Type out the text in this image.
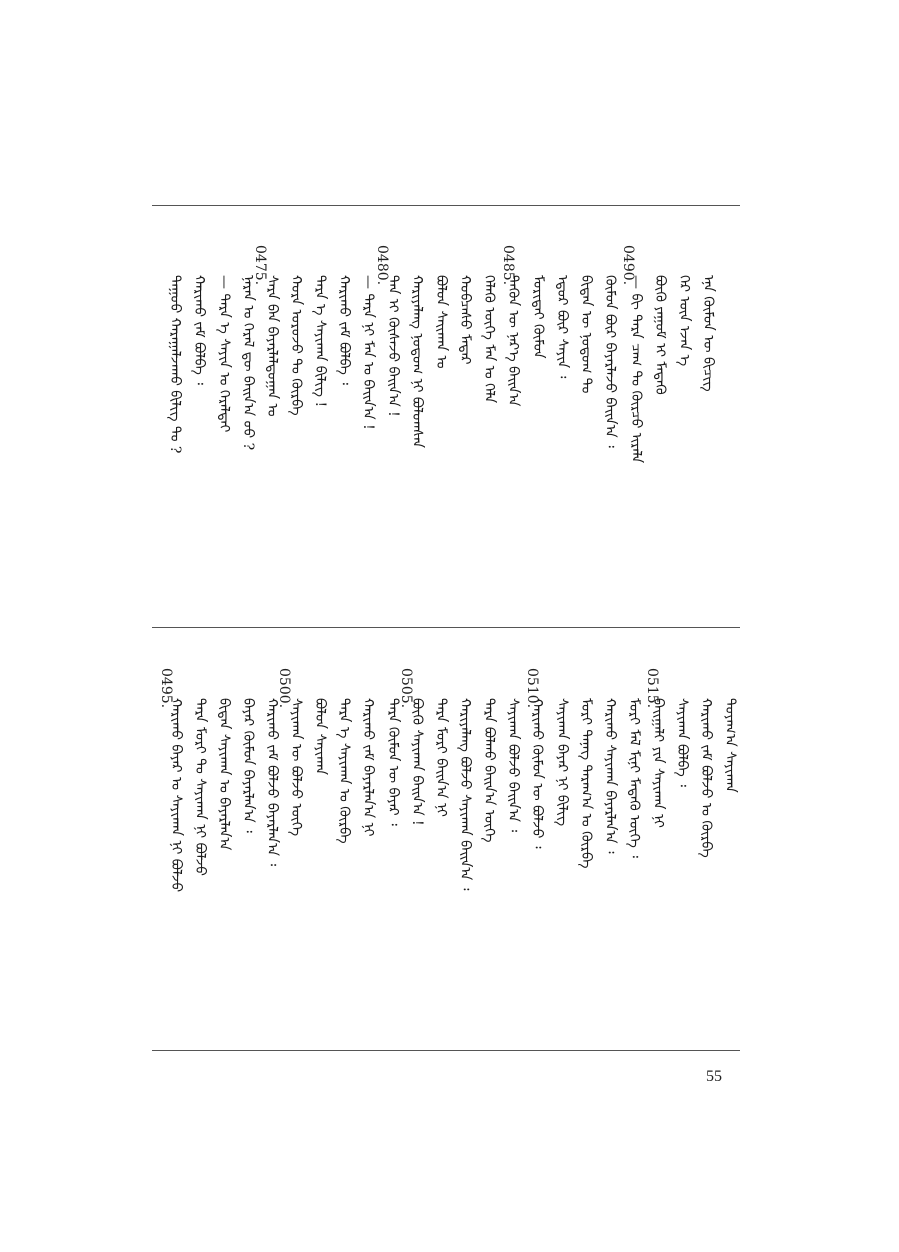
0490.
0485.
0480.
0475.
ᠡᠨᠡ ᠬᠦᠮᠦᠨ ᠦ ᠪᠢᠴᠢᠭ᠌
ᠭᠡᠷ ᠦᠨ ᠡᠵᠡᠨ ᠡ
ᠪᠦᠬᠦ ᠶᠠᠭᠤᠮ ᠢ ᠮᠡᠳᠡᠬᠦ
— ᠪᠢ ᠲᠡᠷᠡ ᠴᠠᠭ ᠲᠤ ᠬᠦᠷᠴᠦ ᠢᠷᠡᠯᠡ
ᠬᠦᠮᠦᠨ ᠪᠦᠷ ᠪᠠᠶᠠᠷᠯᠠᠵᠤ ᠪᠠᠢᠨ᠎ᠠ ᠄
ᠪᠢᠳᠡᠨ ᠦ ᠨᠤᠲᠤᠭ ᠲᠤ
ᠡᠳᠦᠷ ᠪᠦᠷ ᠰᠠᠶᠢᠨ ᠄
ᠮᠣᠷᠢᠲᠠᠢ ᠬᠦᠮᠦᠨ
ᠲᠡᠭᠦᠨ ᠦ ᠨᠡᠷ᠎ᠡ ᠪᠠᠢᠨ᠎ᠠ
ᠬᠡᠯᠡᠬᠦ ᠦᠭᠡ ᠮᠠᠨ ᠤ ᠬᠡᠯᠡ
ᠬᠤᠪᠴᠠᠰᠤ ᠮᠠᠲᠠᠷ
ᠪᠣᠯᠤᠨ ᠰᠠᠢᠬᠠᠨ ᠤ
ᠬᠠᠷᠢᠶᠠᠯᠠᠩ ᠨᠤᠲᠤᠭ ᠨᠢ ᠪᠣᠯᠤᠭᠰᠠᠨ
ᠲᠠᠨ ᠢ ᠬᠦᠰᠡᠵᠦ ᠪᠠᠢᠨ᠎ᠠ !
— ᠲᠡᠷᠡ ᠨᠢ ᠮᠠᠨ ᠤ ᠪᠠᠢᠨ᠎ᠠ !
ᠬᠠᠷᠢᠬᠤ ᠵᠠᠮ ᠪᠣᠯᠪᠠ ᠄
ᠲᠡᠷᠡ ᠡ ᠰᠠᠶᠢᠬᠠᠨ ᠪᠢᠯᠢᠭ !
ᠬᠤᠷᠠ ᠣᠷᠣᠵᠤ ᠲᠤ ᠬᠦᠷᠪᠡ
ᠰᠠᠷᠠ ᠪᠠᠨ ᠪᠠᠶᠠᠷᠯᠠᠯᠳᠤᠭᠠᠨ ᠤ
ᠨᠠᠷᠠᠨ ᠤ ᠭᠡᠷᠡᠯ ᠳᠦ ᠪᠠᠢᠨ᠎ᠠ ᠤᠤ ?
— ᠲᠡᠷᠡ ᠡ ᠰᠠᠶᠢᠨ ᠤ ᠭᠡᠷᠡᠯᠲᠡᠢ
ᠬᠠᠷᠢᠬᠤ ᠵᠠᠮ ᠪᠣᠯᠪᠠ ᠄
ᠳᠠᠭᠤᠤ ᠬᠠᠷᠠᠭᠠᠯᠵᠠᠬᠤ ᠪᠢᠯᠢᠭ ᠲᠤ ?
0515.
0510.
0505.
0500.
0495.
ᠲᠤᠶᠠᠭ᠎ᠠ ᠰᠠᠶᠢᠬᠠᠨ
ᠬᠠᠷᠢᠬᠤ ᠵᠠᠮ ᠪᠣᠯᠵᠤ ᠤ ᠬᠦᠷᠪᠡ
ᠰᠠᠶᠢᠬᠠᠨ ᠪᠣᠯᠪᠠ ᠄
ᠪᠠᠢᠭᠠᠯᠢ ᠶᠢᠨ ᠰᠠᠶᠢᠬᠠᠨ ᠨᠢ
ᠮᠣᠷᠢ ᠮᠠᠯ ᠮᠢᠨᠢ ᠮᠡᠳᠡᠬᠦ ᠦᠭᠡ ᠄
ᠬᠠᠷᠢᠬᠤ ᠰᠠᠶᠢᠬᠠᠨ ᠪᠠᠶᠠᠷᠯᠠᠨ᠎ᠠ ᠄
ᠮᠣᠷᠢ ᠲᠡᠨᠡᠭ ᠲᠠᠷᠠᠭ᠎ᠠ ᠤ ᠬᠦᠷᠪᠡ
ᠰᠠᠶᠢᠬᠠᠨ ᠪᠠᠶᠠᠷ ᠨᠢ ᠪᠢᠯᠢᠭ
ᠬᠠᠷᠢᠬᠤ ᠬᠦᠮᠦᠨ ᠦ ᠪᠣᠯᠵᠤ ᠄
ᠰᠠᠶᠢᠬᠠᠨ ᠪᠣᠯᠵᠤ ᠪᠠᠢᠨ᠎ᠠ ᠄
ᠲᠡᠷᠡ ᠪᠣᠯᠬᠤ ᠪᠠᠢᠨ᠎ᠠ ᠦᠭᠡ
ᠬᠠᠷᠢᠶᠠᠯᠠᠩ ᠪᠣᠯᠵᠤ ᠰᠠᠶᠢᠬᠠᠨ ᠪᠠᠢᠨ᠎ᠠ ᠄
ᠲᠡᠷᠡ ᠮᠣᠷᠢ ᠪᠠᠢᠨ᠎ᠠ ᠨᠢ
ᠪᠦᠬᠦ ᠰᠠᠶᠢᠬᠠᠨ ᠪᠠᠢᠨ᠎ᠠ !
ᠲᠡᠷᠡ ᠬᠦᠮᠦᠨ ᠦ ᠪᠠᠶᠠᠷ ᠄
ᠬᠠᠷᠢᠬᠤ ᠵᠠᠮ ᠪᠠᠶᠠᠷᠯᠠᠨ᠎ᠠ ᠨᠢ
ᠲᠡᠷᠡ ᠡ ᠰᠠᠶᠢᠬᠠᠨ ᠤ ᠬᠦᠷᠪᠡ
ᠪᠣᠯᠣᠨ ᠰᠠᠶᠢᠬᠠᠨ
ᠰᠠᠶᠢᠬᠠᠨ ᠦ ᠪᠣᠯᠵᠤ ᠦᠭᠡ
ᠬᠠᠷᠢᠬᠤ ᠵᠠᠮ ᠪᠣᠯᠵᠤ ᠪᠠᠶᠠᠷᠯᠠᠨ᠎ᠠ ᠄
ᠪᠠᠶᠠᠷ ᠬᠦᠮᠦᠨ ᠪᠠᠶᠠᠷᠯᠠᠨ᠎ᠠ ᠄
ᠪᠢᠳᠡᠨ ᠰᠠᠶᠢᠬᠠᠨ ᠤ ᠪᠠᠶᠠᠷᠯᠠᠨ᠎ᠠ
ᠲᠡᠷᠡ ᠮᠣᠷᠢ ᠲᠤ ᠰᠠᠶᠢᠬᠠᠨ ᠨᠢ ᠪᠣᠯᠵᠤ
ᠬᠠᠷᠢᠬᠤ ᠪᠠᠶᠠᠷ ᠤ ᠰᠠᠶᠢᠬᠠᠨ ᠨᠢ ᠪᠣᠯᠵᠤ
55
